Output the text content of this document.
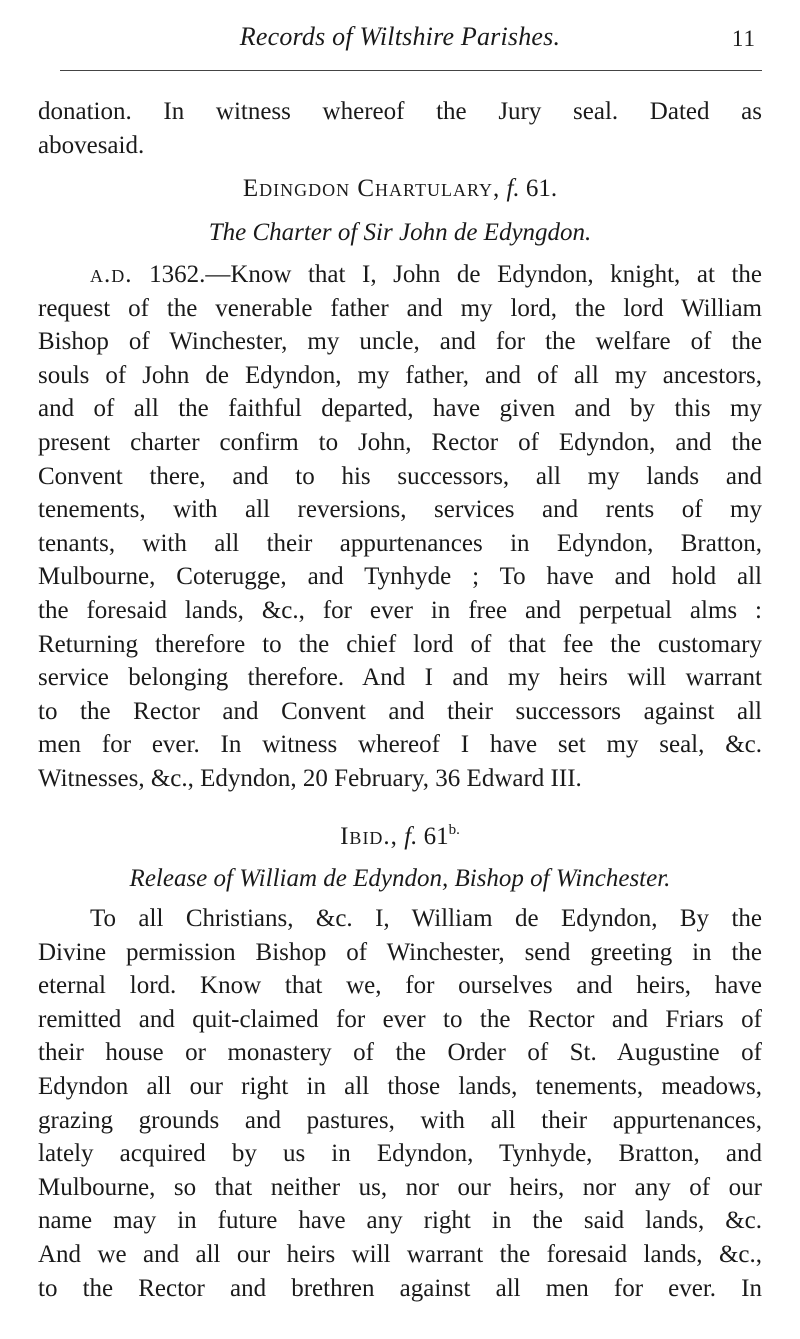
Records of Wiltshire Parishes.	11
donation. In witness whereof the Jury seal. Dated as
abovesaid.

Edingdon Chartulary, f. 61.

The Charter of Sir John de Edyngdon.

a.d. 1362.—Know that I, John de Edyndon, knight, at the
request of the venerable father and my lord, the lord William
Bishop of Winchester, my uncle, and for the welfare of the
souls of John de Edyndon, my father, and of all my ancestors,
and of all the faithful departed, have given and by this my
present charter confirm to John, Rector of Edyndon, and the
Convent there, and to his successors, all my lands and
tenements, with all reversions, services and rents of my
tenants, with all their appurtenances in Edyndon, Bratton,
Mulbourne, Coterugge, and Tynhyde ; To have and hold all
the foresaid lands, &c., for ever in free and perpetual alms :
Returning therefore to the chief lord of that fee the customary
service belonging therefore. And I and my heirs will warrant
to the Rector and Convent and their successors against all
men for ever. In witness whereof I have set my seal, &c.
Witnesses, &c., Edyndon, 20 February, 36 Edward III.

Ibid., f. $61^{b.}$

Release of William de Edyndon, Bishop of Winchester.

To all Christians, &c. I, William de Edyndon, By the
Divine permission Bishop of Winchester, send greeting in the
eternal lord. Know that we, for ourselves and heirs, have
remitted and quit-claimed for ever to the Rector and Friars of
their house or monastery of the Order of St. Augustine of
Edyndon all our right in all those lands, tenements, meadows,
grazing grounds and pastures, with all their appurtenances,
lately acquired by us in Edyndon, Tynhyde, Bratton, and
Mulbourne, so that neither us, nor our heirs, nor any of our
name may in future have any right in the said lands, &c.
And we and all our heirs will warrant the foresaid lands, &c.,
to the Rector and brethren against all men for ever. In
